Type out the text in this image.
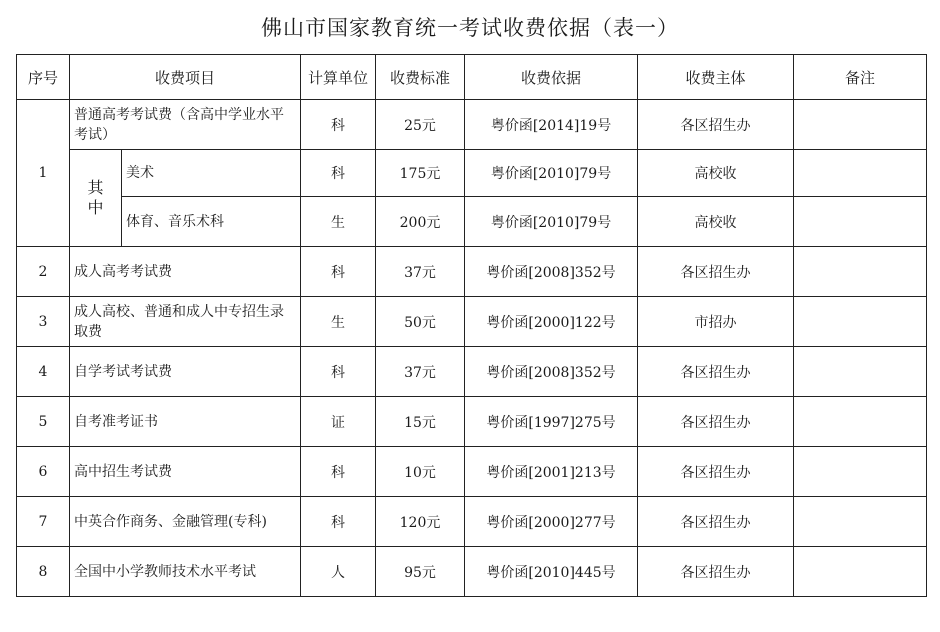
佛山市国家教育统一考试收费依据（表一）
序号	收费项目		计算单位	收费标准	收费依据	收费主体	备注
1	普通高考考试费（含高中学业水平考试）		科	25元	粤价函[2014]19号	各区招生办	
	其中	美术	科	175元	粤价函[2010]79号	高校收	
		体育、音乐术科	生	200元	粤价函[2010]79号	高校收	
2	成人高考考试费		科	37元	粤价函[2008]352号	各区招生办	
3	成人高校、普通和成人中专招生录取费		生	50元	粤价函[2000]122号	市招办	
4	自学考试考试费		科	37元	粤价函[2008]352号	各区招生办	
5	自考准考证书		证	15元	粤价函[1997]275号	各区招生办	
6	高中招生考试费		科	10元	粤价函[2001]213号	各区招生办	
7	中英合作商务、金融管理(专科)		科	120元	粤价函[2000]277号	各区招生办	
8	全国中小学教师技术水平考试		人	95元	粤价函[2010]445号	各区招生办	
